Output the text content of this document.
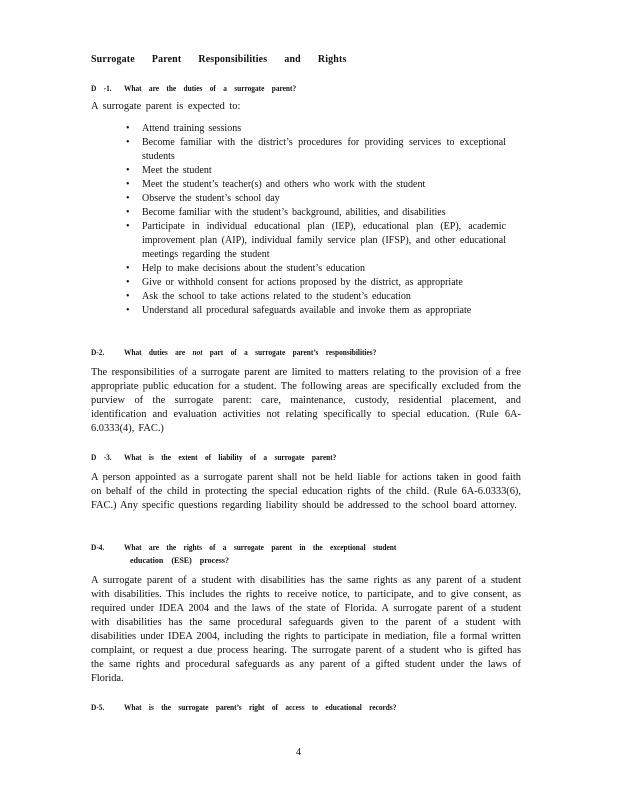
Surrogate Parent Responsibilities and Rights
D -1. What are the duties of a surrogate parent?
A surrogate parent is expected to:
• Attend training sessions
• Become familiar with the district’s procedures for providing services to exceptional students
• Meet the student
• Meet the student’s teacher(s) and others who work with the student
• Observe the student’s school day
• Become familiar with the student’s background, abilities, and disabilities
• Participate in individual educational plan (IEP), educational plan (EP), academic improvement plan (AIP), individual family service plan (IFSP), and other educational meetings regarding the student
• Help to make decisions about the student’s education
• Give or withhold consent for actions proposed by the district, as appropriate
• Ask the school to take actions related to the student’s education
• Understand all procedural safeguards available and invoke them as appropriate
D-2. What duties are not part of a surrogate parent’s responsibilities?
The responsibilities of a surrogate parent are limited to matters relating to the provision of a free appropriate public education for a student. The following areas are specifically excluded from the purview of the surrogate parent: care, maintenance, custody, residential placement, and identification and evaluation activities not relating specifically to special education. (Rule 6A-6.0333(4), FAC.)
D -3. What is the extent of liability of a surrogate parent?
A person appointed as a surrogate parent shall not be held liable for actions taken in good faith on behalf of the child in protecting the special education rights of the child. (Rule 6A-6.0333(6), FAC.) Any specific questions regarding liability should be addressed to the school board attorney.
D-4. What are the rights of a surrogate parent in the exceptional student
education (ESE) process?
A surrogate parent of a student with disabilities has the same rights as any parent of a student with disabilities. This includes the rights to receive notice, to participate, and to give consent, as required under IDEA 2004 and the laws of the state of Florida. A surrogate parent of a student with disabilities has the same procedural safeguards given to the parent of a student with disabilities under IDEA 2004, including the rights to participate in mediation, file a formal written complaint, or request a due process hearing. The surrogate parent of a student who is gifted has the same rights and procedural safeguards as any parent of a gifted student under the laws of Florida.
D-5. What is the surrogate parent’s right of access to educational records?
4
